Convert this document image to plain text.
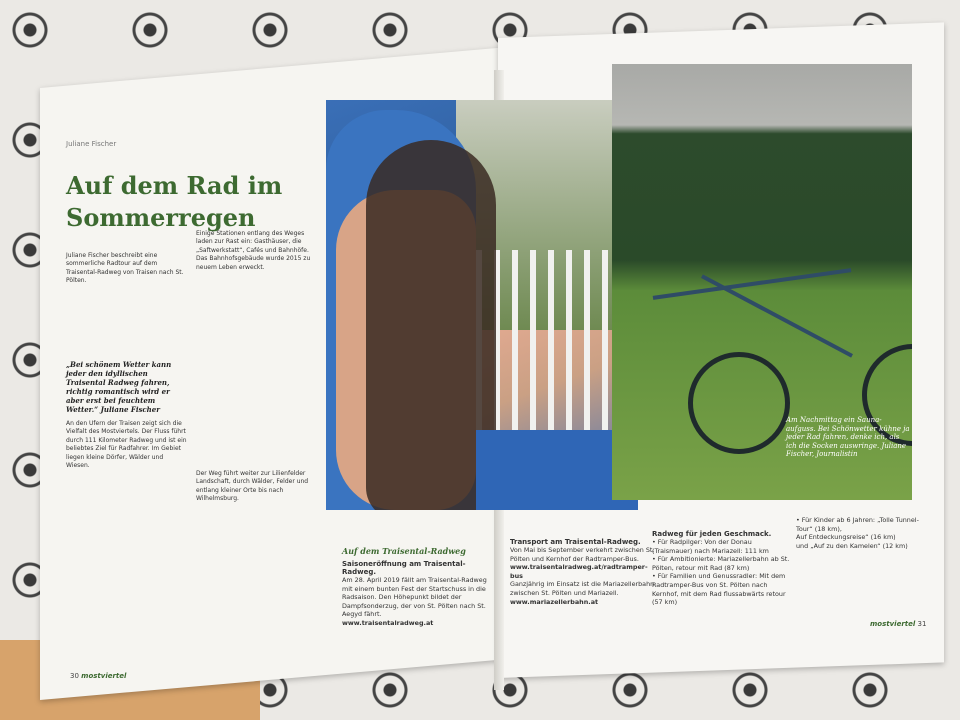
Juliane Fischer
Auf dem Rad im
Sommerregen
Juliane Fischer beschreibt eine sommerliche Radtour auf dem Traisental-Radweg von Traisen nach St. Pölten.
„Bei schönem Wetter kann jeder den idyllischen Traisental Radweg fahren, richtig romantisch wird er aber erst bei feuchtem Wetter.“ Juliane Fischer
An den Ufern der Traisen zeigt sich die Vielfalt des Mostviertels. Der Fluss führt durch 111 Kilometer Radweg und ist ein beliebtes Ziel für Radfahrer. Im Gebiet liegen kleine Dörfer, Wälder und Wiesen.
Einige Stationen entlang des Weges laden zur Rast ein: Gasthäuser, die „Saftwerkstatt“, Cafés und Bahnhöfe. Das Bahnhofsgebäude wurde 2015 zu neuem Leben erweckt.
Der Weg führt weiter zur Lilienfelder Landschaft, durch Wälder, Felder und entlang kleiner Orte bis nach Wilhelmsburg.
Am Nachmittag ein Sauna-aufguss. Bei Schönwetter kühne ja jeder Rad fahren, denke ich, als ich die Socken auswringe. Juliane Fischer, Journalistin
Auf dem Traisental-Radweg
Saisoneröffnung am Traisental-Radweg.
Am 28. April 2019 fällt am Traisental-Radweg mit einem bunten Fest der Startschuss in die Radsaison. Den Höhepunkt bildet der Dampfsonderzug, der von St. Pölten nach St. Aegyd fährt.
www.traisentalradweg.at
Transport am Traisental-Radweg.
Von Mai bis September verkehrt zwischen St. Pölten und Kernhof der Radtramper-Bus.
www.traisentalradweg.at/radtramper-bus
Ganzjährig im Einsatz ist die Mariazellerbahn zwischen St. Pölten und Mariazell.
www.mariazellerbahn.at
Radweg für jeden Geschmack.
• Für Radpilger: Von der Donau (Traismauer) nach Mariazell: 111 km
• Für Ambitionierte: Mariazellerbahn ab St. Pölten, retour mit Rad (87 km)
• Für Familien und Genussradler: Mit dem Radtramper-Bus von St. Pölten nach Kernhof, mit dem Rad flussabwärts retour (57 km)
• Für Kinder ab 6 Jahren: „Tolle Tunnel-Tour“ (18 km),
Auf Entdeckungsreise“ (16 km)
und „Auf zu den Kamelen“ (12 km)
30 mostviertel
mostviertel 31
